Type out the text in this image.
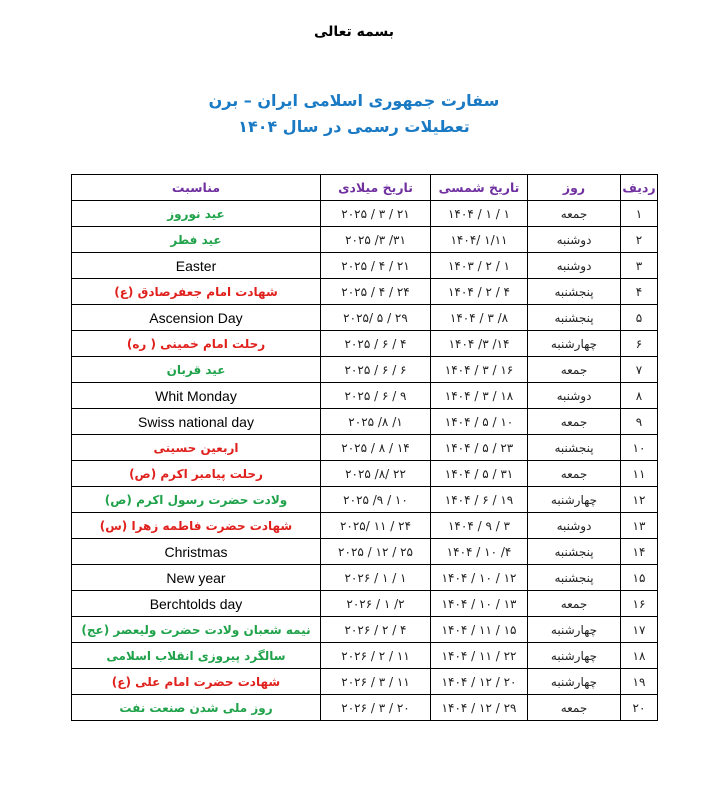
بسمه تعالی
سفارت جمهوری اسلامی ایران – برن
تعطیلات رسمی در سال ۱۴۰۴
ردیف	روز	تاریخ شمسی	تاریخ میلادی	مناسبت
۱	جمعه	۱۴۰۴ / ۱ / ۱	۲۰۲۵ / ۳ / ۲۱	عید نوروز
۲	دوشنبه	۱۴۰۴/ ۱/۱۱	۲۰۲۵ /۳ /۳۱	عید فطر
۳	دوشنبه	۱۴۰۳ / ۲ / ۱	۲۰۲۵ / ۴ / ۲۱	Easter
۴	پنجشنبه	۱۴۰۴ / ۲ / ۴	۲۰۲۵ / ۴ / ۲۴	شهادت امام جعفرصادق (ع)
۵	پنجشنبه	۱۴۰۴ / ۳ /۸	۲۰۲۵/ ۵ / ۲۹	Ascension Day
۶	چهارشنبه	۱۴۰۴ /۳ /۱۴	۲۰۲۵ / ۶ / ۴	رحلت امام خمینی ( ره)
۷	جمعه	۱۴۰۴ / ۳ / ۱۶	۲۰۲۵ / ۶ / ۶	عید قربان
۸	دوشنبه	۱۴۰۴ / ۳ / ۱۸	۲۰۲۵ / ۶ / ۹	Whit Monday
۹	جمعه	۱۴۰۴ / ۵ / ۱۰	۲۰۲۵ /۸ /۱	Swiss national day
۱۰	پنجشنبه	۱۴۰۴ / ۵ / ۲۳	۲۰۲۵ / ۸ / ۱۴	اربعین حسینی
۱۱	جمعه	۱۴۰۴ / ۵ / ۳۱	۲۰۲۵ /۸/ ۲۲	رحلت پیامبر اکرم (ص)
۱۲	چهارشنبه	۱۴۰۴ / ۶ / ۱۹	۲۰۲۵ /۹ / ۱۰	ولادت حضرت رسول اکرم (ص)
۱۳	دوشنبه	۱۴۰۴ / ۹ / ۳	۲۰۲۵/ ۱۱ / ۲۴	شهادت حضرت فاطمه زهرا (س)
۱۴	پنجشنبه	۱۴۰۴ / ۱۰ /۴	۲۰۲۵ / ۱۲ / ۲۵	Christmas
۱۵	پنجشنبه	۱۴۰۴ / ۱۰ / ۱۲	۲۰۲۶ / ۱ / ۱	New year
۱۶	جمعه	۱۴۰۴ / ۱۰ / ۱۳	۲۰۲۶ / ۱ /۲	Berchtolds day
۱۷	چهارشنبه	۱۴۰۴ / ۱۱ / ۱۵	۲۰۲۶ / ۲ / ۴	نیمه شعبان ولادت حضرت ولیعصر (عج)
۱۸	چهارشنبه	۱۴۰۴ / ۱۱ / ۲۲	۲۰۲۶ / ۲ / ۱۱	سالگرد پیروزی انقلاب اسلامی
۱۹	چهارشنبه	۱۴۰۴ / ۱۲ / ۲۰	۲۰۲۶ / ۳ / ۱۱	شهادت حضرت امام علی (ع)
۲۰	جمعه	۱۴۰۴ / ۱۲ / ۲۹	۲۰۲۶ / ۳ / ۲۰	روز ملی شدن صنعت نفت
